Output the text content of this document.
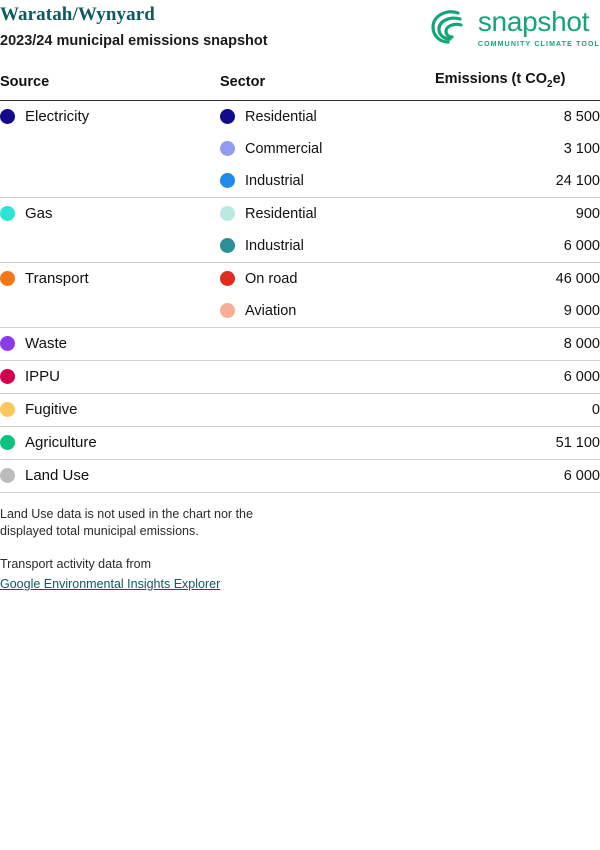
Waratah/Wynyard
2023/24 municipal emissions snapshot
snapshot
COMMUNITY CLIMATE TOOL
Source	Sector	Emissions (t $CO_2e$)

Electricity	Residential	8 500

	Commercial	3 100

	Industrial	24 100

Gas	Residential	900

	Industrial	6 000

Transport	On road	46 000

	Aviation	9 000

Waste		8 000

IPPU		6 000

Fugitive		0

Agriculture		51 100

Land Use		6 000

Land Use data is not used in the chart nor the

displayed total municipal emissions.

Transport activity data from

Google Environmental Insights Explorer
